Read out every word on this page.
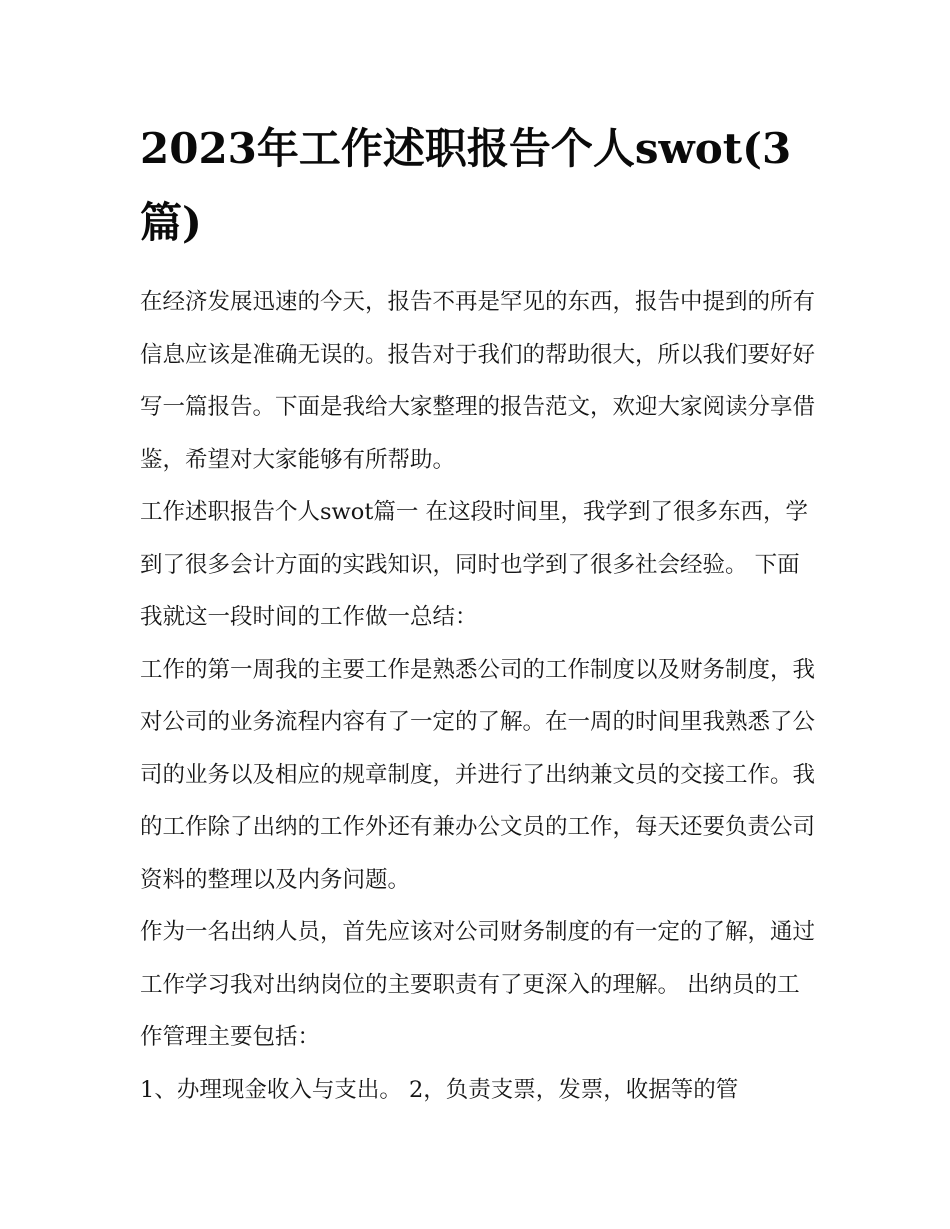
2023年工作述职报告个人swot(3篇)

在经济发展迅速的今天，报告不再是罕见的东西，报告中提到的所有信息应该是准确无误的。报告对于我们的帮助很大，所以我们要好好写一篇报告。下面是我给大家整理的报告范文，欢迎大家阅读分享借鉴，希望对大家能够有所帮助。

工作述职报告个人swot篇一 在这段时间里，我学到了很多东西，学到了很多会计方面的实践知识，同时也学到了很多社会经验。 下面我就这一段时间的工作做一总结：

工作的第一周我的主要工作是熟悉公司的工作制度以及财务制度，我对公司的业务流程内容有了一定的了解。在一周的时间里我熟悉了公司的业务以及相应的规章制度，并进行了出纳兼文员的交接工作。我的工作除了出纳的工作外还有兼办公文员的工作，每天还要负责公司资料的整理以及内务问题。

作为一名出纳人员，首先应该对公司财务制度的有一定的了解，通过工作学习我对出纳岗位的主要职责有了更深入的理解。 出纳员的工作管理主要包括：

1、办理现金收入与支出。 2，负责支票，发票，收据等的管
